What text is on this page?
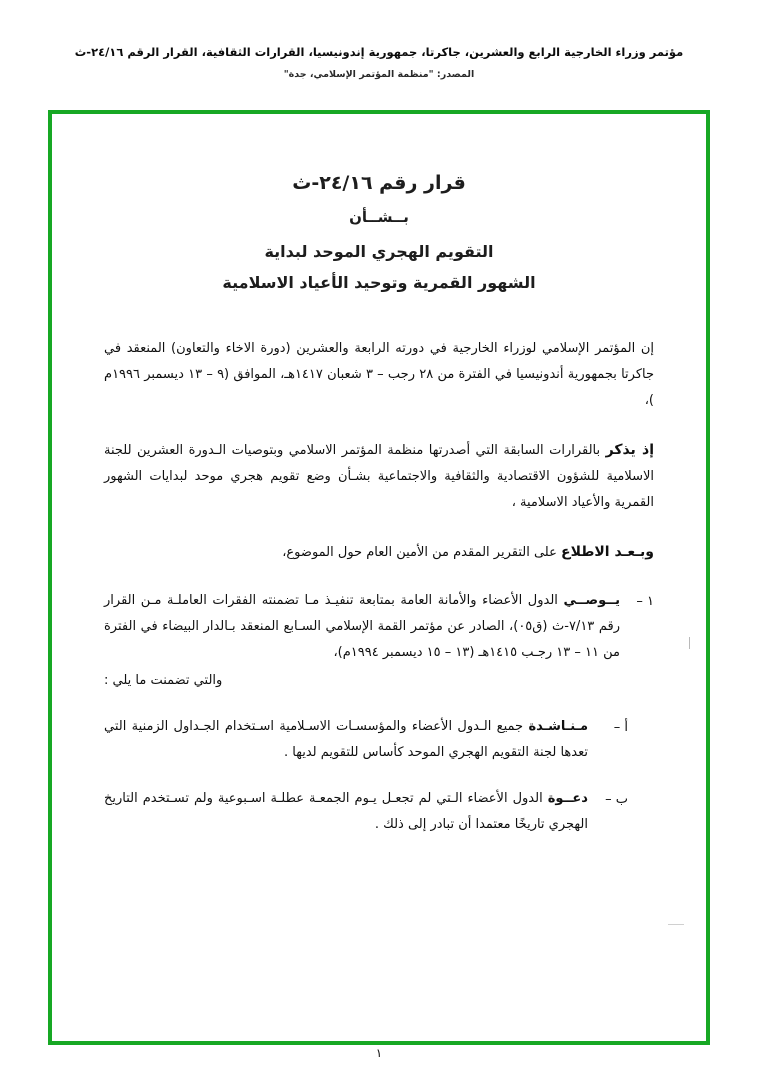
مؤتمر وزراء الخارجية الرابع والعشرين، جاكرتا، جمهورية إندونيسيا، القرارات الثقافية، القرار الرقم ٢٤/١٦-ث
المصدر: "منظمة المؤتمر الإسلامي، جدة"
قرار رقم ٢٤/١٦-ث
بــشــأن
التقويم الهجري الموحد لبداية
الشهور القمرية وتوحيد الأعياد الاسلامية
إن المؤتمر الإسلامي لوزراء الخارجية في دورته الرابعة والعشرين (دورة الاخاء والتعاون) المنعقد في جاكرتا بجمهورية أندونيسيا في الفترة من ٢٨ رجب – ٣ شعبان ١٤١٧هـ، الموافق (٩ – ١٣ ديسمبر ١٩٩٦م )،
إذ يذكر بالقرارات السابقة التي أصدرتها منظمة المؤتمر الاسلامي وبتوصيات الـدورة العشرين للجنة الاسلامية للشؤون الاقتصادية والثقافية والاجتماعية بشـأن وضع تقويم هجري موحد لبدايات الشهور القمرية والأعياد الاسلامية ،
وبـعـد الاطلاع على التقرير المقدم من الأمين العام حول الموضوع،
١ –
يــوصــي الدول الأعضاء والأمانة العامة بمتابعة تنفيـذ مـا تضمنته الفقرات العاملـة مـن القرار رقم ٧/١٣-ث (ق٠٥)، الصادر عن مؤتمر القمة الإسلامي السـابع المنعقد بـالدار البيضاء في الفترة من ١١ – ١٣ رجـب ١٤١٥هـ (١٣ – ١٥ ديسمبر ١٩٩٤م)،
والتي تضمنت ما يلي :
أ –
مـنـاشـدة جميع الـدول الأعضاء والمؤسسـات الاسـلامية اسـتخدام الجـداول الزمنية التي تعدها لجنة التقويم الهجري الموحد كأساس للتقويم لديها .
ب –
دعــوة الدول الأعضاء الـتي لم تجعـل يـوم الجمعـة عطلـة اسـبوعية ولم تسـتخدم التاريخ الهجري تاريخًا معتمدا أن تبادر إلى ذلك .
١
